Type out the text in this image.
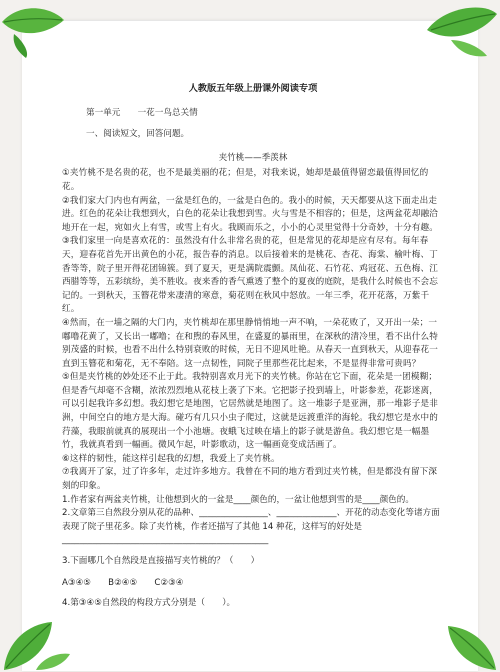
人教版五年级上册课外阅读专项
第一单元　　一花一鸟总关情
一、阅读短文，回答问题。
夹竹桃——季羡林

①夹竹桃不是名贵的花，也不是最美丽的花；但是，对我来说，她却是最值得留恋最值得回忆的花。

②我们家大门内也有两盆，一盆是红色的，一盆是白色的。我小的时候，天天都要从这下面走出走进。红色的花朵让我想到火，白色的花朵让我想到雪。火与雪是不相容的；但是，这两盆花却融洽地开在一起，宛如火上有雪，或雪上有火。我顾而乐之，小小的心灵里觉得十分奇妙，十分有趣。

③我们家里一向是喜欢花的：虽然没有什么非常名贵的花，但是常见的花却是应有尽有。每年春天，迎春花首先开出黄色的小花，报告春的消息。以后接着来的是桃花、杏花、海棠、榆叶梅、丁香等等，院子里开得花团锦簇。到了夏天，更是满院震颤。凤仙花、石竹花、鸡冠花、五色梅、江西腊等等，五彩缤纷，美不胜收。夜来香的香气熏透了整个的夏夜的庭院，是我什么时候也不会忘记的。一到秋天，玉簪花带来凄清的寒意，菊花则在秋风中怒放。一年三季，花开花落，万紫千红。

④然而，在一墙之隔的大门内，夹竹桃却在那里静悄悄地一声不响，一朵花败了，又开出一朵；一嘟噜花黄了，又长出一嘟噜；在和煦的春风里，在盛夏的暴雨里，在深秋的清冷里，看不出什么特别茂盛的时候，也看不出什么特别衰败的时候，无日不迎风吐艳。从春天一直到秋天，从迎春花一直到玉簪花和菊花，无不奉陪。这一点韧性，同院子里那些花比起来，不是显得非常可贵吗？

⑤但是夹竹桃的妙处还不止于此。我特别喜欢月光下的夹竹桃。你站在它下面，花朵是一团模糊；但是香气却毫不含糊，浓浓烈烈地从花枝上袭了下来。它把影子投到墙上，叶影参差，花影迷离，可以引起我许多幻想。我幻想它是地图，它居然就是地图了。这一堆影子是亚洲，那一堆影子是非洲，中间空白的地方是大海。碰巧有几只小虫子爬过，这就是远渡重洋的海轮。我幻想它是水中的荇藻，我眼前就真的展现出一个小池塘。夜蛾飞过映在墙上的影子就是游鱼。我幻想它是一幅墨竹，我就真看到一幅画。微风乍起，叶影歌动，这一幅画竟变成活画了。

⑥这样的韧性，能这样引起我的幻想，我爱上了夹竹桃。

⑦我离开了家，过了许多年，走过许多地方。我曾在不同的地方看到过夹竹桃，但是都没有留下深刻的印象。

1.作者家有两盆夹竹桃，让他想到火的一盆是____颜色的，一盆让他想到雪的是____颜色的。

2.文章第三自然段分别从花的品种、________________、______________、开花的动态变化等诸方面表现了院子里花多。除了夹竹桃，作者还描写了其他 14 种花，这样写的好处是________________________________________________

3.下面哪几个自然段是直接描写夹竹桃的？（　　）

A③④⑤　　B②④⑤　　C②③④

4.第③④⑤自然段的构段方式分别是（　　）。
